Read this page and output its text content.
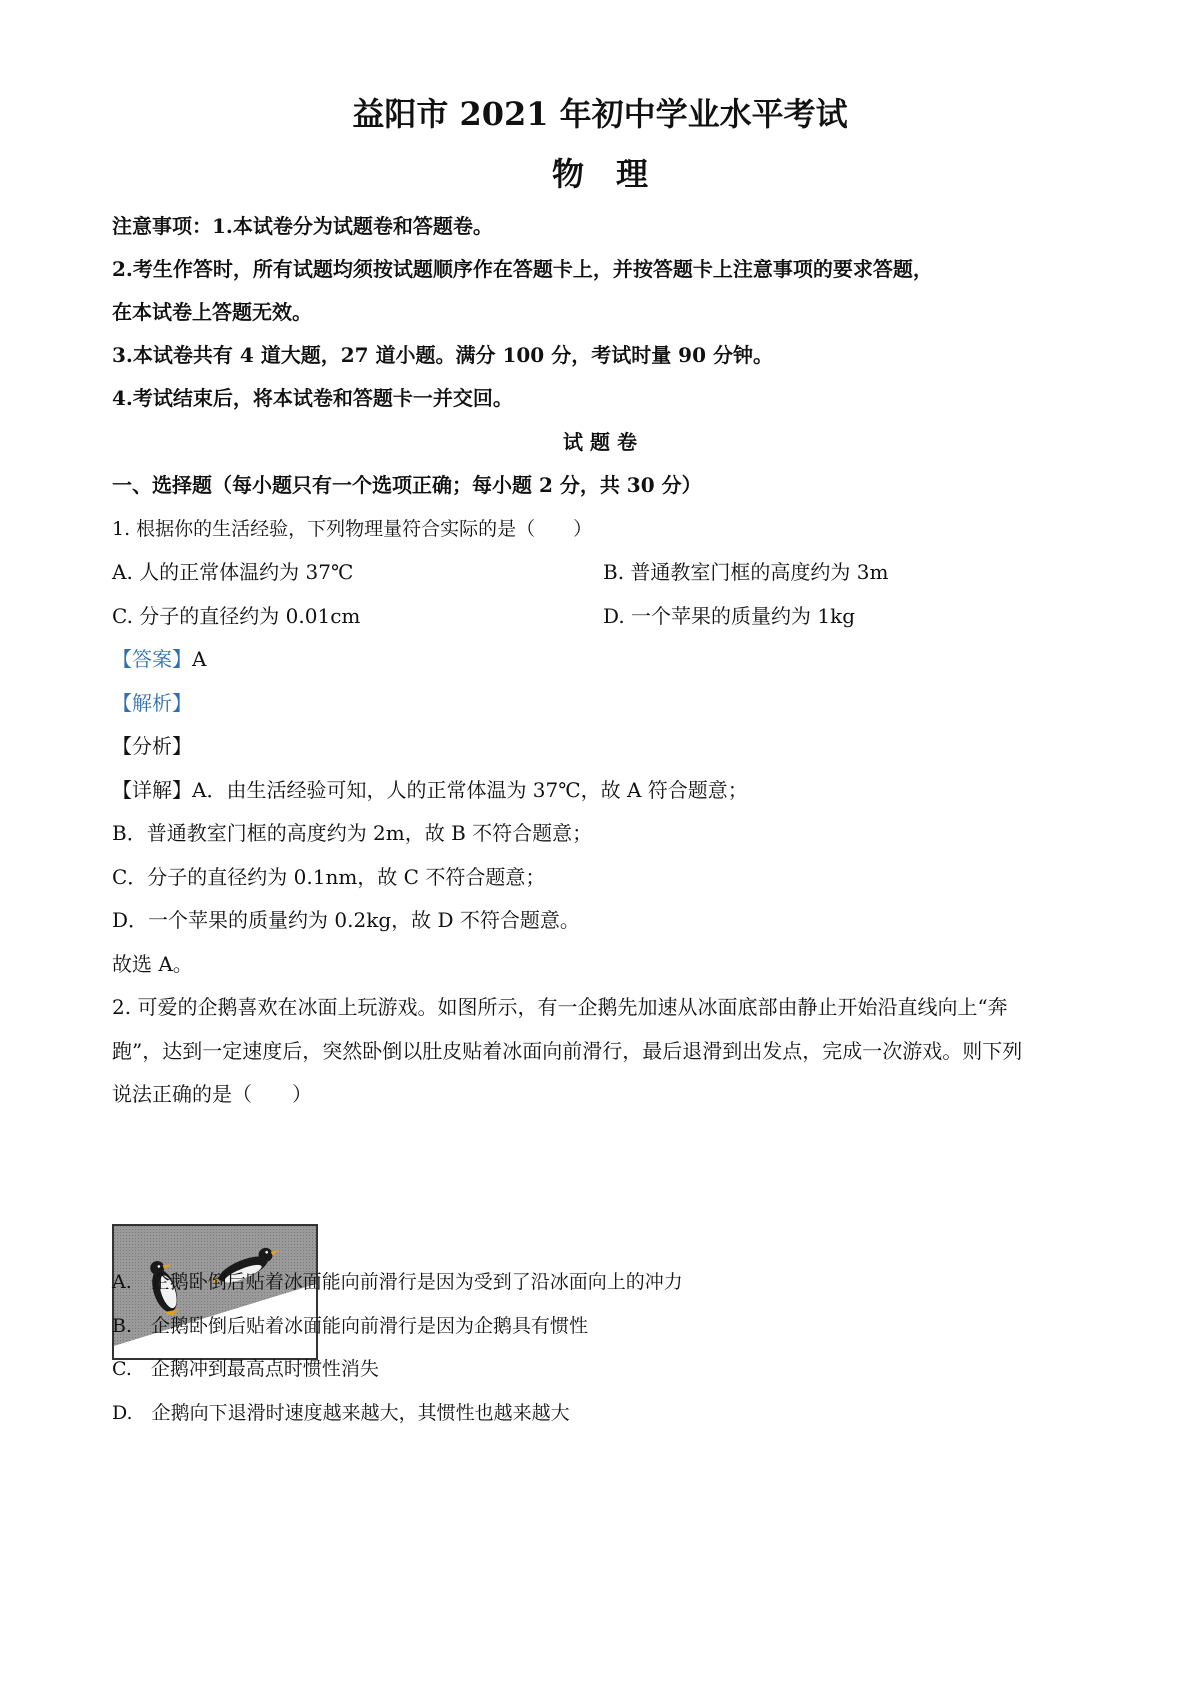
益阳市 2021 年初中学业水平考试
物　理
注意事项：1.本试卷分为试题卷和答题卷。
2.考生作答时，所有试题均须按试题顺序作在答题卡上，并按答题卡上注意事项的要求答题，
在本试卷上答题无效。
3.本试卷共有 4 道大题，27 道小题。满分 100 分，考试时量 90 分钟。
4.考试结束后，将本试卷和答题卡一并交回。
试 题 卷
一、选择题（每小题只有一个选项正确；每小题 2 分，共 30 分）
1. 根据你的生活经验，下列物理量符合实际的是（　　）
A. 人的正常体温约为 37℃	B. 普通教室门框的高度约为 3m
C. 分子的直径约为 0.01cm	D. 一个苹果的质量约为 1kg
【答案】A
【解析】
【分析】
【详解】A．由生活经验可知，人的正常体温为 37℃，故 A 符合题意；
B．普通教室门框的高度约为 2m，故 B 不符合题意；
C．分子的直径约为 0.1nm，故 C 不符合题意；
D．一个苹果的质量约为 0.2kg，故 D 不符合题意。
故选 A。
2. 可爱的企鹅喜欢在冰面上玩游戏。如图所示，有一企鹅先加速从冰面底部由静止开始沿直线向上“奔
跑”，达到一定速度后，突然卧倒以肚皮贴着冰面向前滑行，最后退滑到出发点，完成一次游戏。则下列
说法正确的是（　　）
A.　企鹅卧倒后贴着冰面能向前滑行是因为受到了沿冰面向上的冲力
B.　企鹅卧倒后贴着冰面能向前滑行是因为企鹅具有惯性
C.　企鹅冲到最高点时惯性消失
D.　企鹅向下退滑时速度越来越大，其惯性也越来越大
